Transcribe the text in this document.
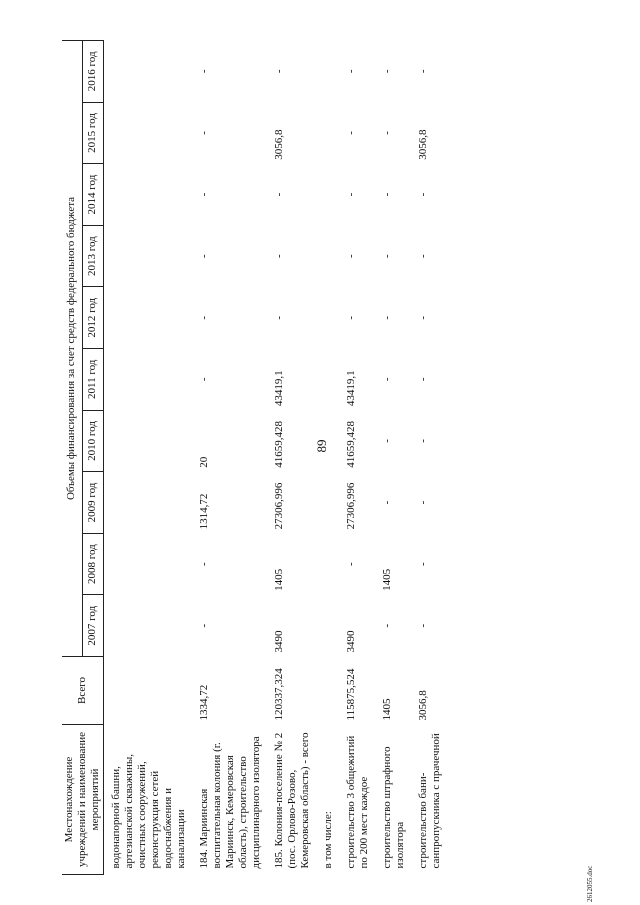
89
Местонахождение учреждений и наименование мероприятий	Всего	Объемы финансирования за счет средств федерального бюджета									
		2007 год	2008 год	2009 год	2010 год	2011 год	2012 год	2013 год	2014 год	2015 год	2016 год
водонапорной башни, артезианской скважины, очистных сооружений, реконструкция сетей водоснабжения и канализации											
184. Мариинская воспитательная колония (г. Мариинск, Кемеровская область), строительство дисциплинарного изолятора	1334,72	-	-	1314,72	20	-	-	-	-	-	-
185. Колония-поселение № 2 (пос. Орлово-Розово, Кемеровская область) - всего	120337,324	3490	1405	27306,996	41659,428	43419,1	-	-	-	3056,8	-
в том числе:											
строительство 3 общежитий по 200 мест каждое	115875,524	3490	-	27306,996	41659,428	43419,1	-	-	-	-	-
строительство штрафного изолятора	1405	-	1405	-	-	-	-	-	-	-	-
строительство бани-санпропускника с прачечной	3056,8	-	-	-	-	-	-	-	-	3056,8	-
2612055.doc
